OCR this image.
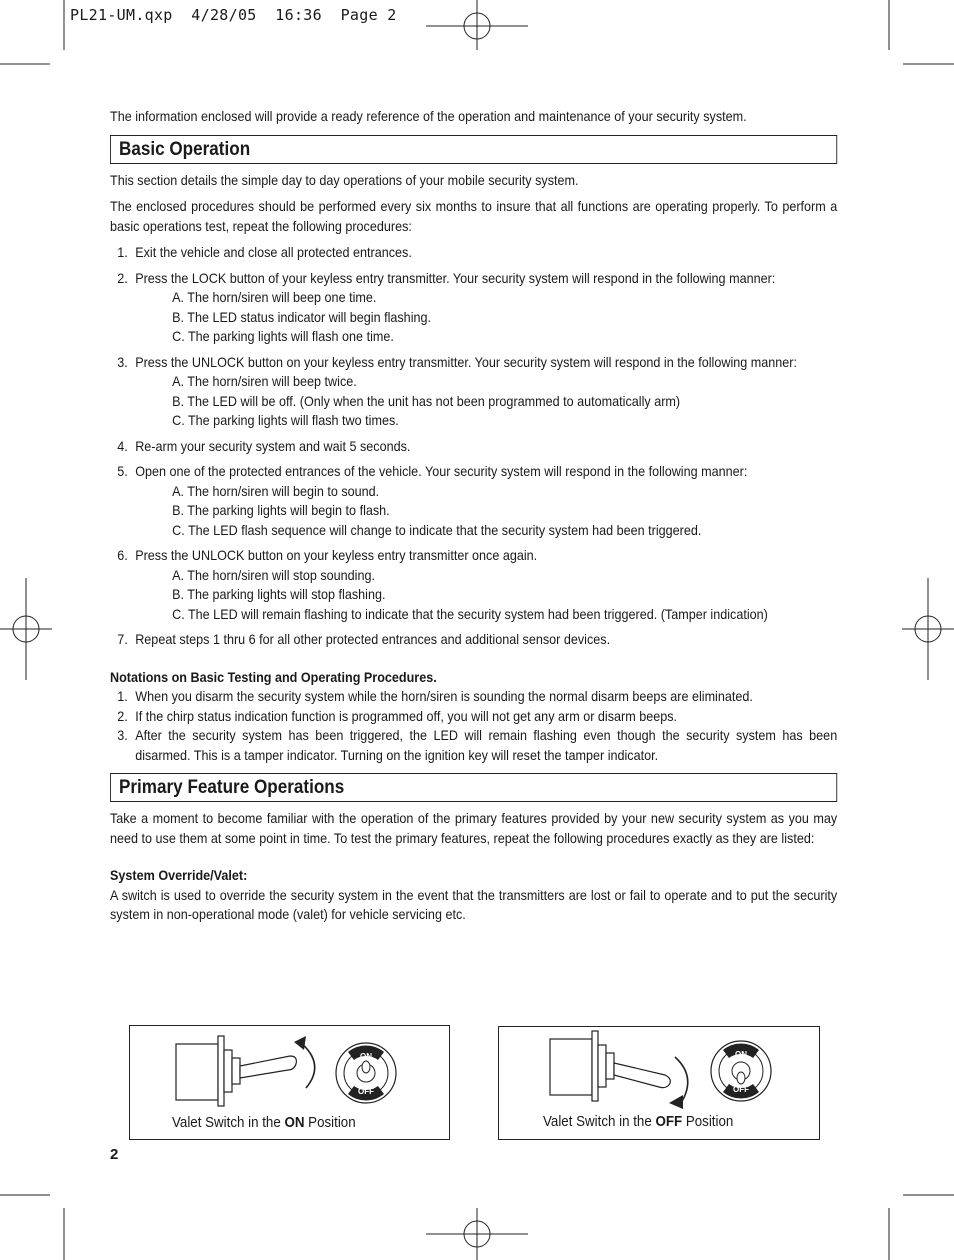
PL21-UM.qxp  4/28/05  16:36  Page 2

The information enclosed will provide a ready reference of the operation and maintenance of your security system.

Basic Operation

This section details the simple day to day operations of your mobile security system.

The enclosed procedures should be performed every six months to insure that all functions are operating properly. To perform a basic operations test, repeat the following procedures:

1. Exit the vehicle and close all protected entrances.
2. Press the LOCK button of your keyless entry transmitter. Your security system will respond in the following manner:
A. The horn/siren will beep one time.
B. The LED status indicator will begin flashing.
C. The parking lights will flash one time.
3. Press the UNLOCK button on your keyless entry transmitter. Your security system will respond in the following manner:
A. The horn/siren will beep twice.
B. The LED will be off. (Only when the unit has not been programmed to automatically arm)
C. The parking lights will flash two times.
4. Re-arm your security system and wait 5 seconds.
5. Open one of the protected entrances of the vehicle. Your security system will respond in the following manner:
A. The horn/siren will begin to sound.
B. The parking lights will begin to flash.
C. The LED flash sequence will change to indicate that the security system had been triggered.
6. Press the UNLOCK button on your keyless entry transmitter once again.
A. The horn/siren will stop sounding.
B. The parking lights will stop flashing.
C. The LED will remain flashing to indicate that the security system had been triggered. (Tamper indication)
7. Repeat steps 1 thru 6 for all other protected entrances and additional sensor devices.
Notations on Basic Testing and Operating Procedures.
1. When you disarm the security system while the horn/siren is sounding the normal disarm beeps are eliminated.
2. If the chirp status indication function is programmed off, you will not get any arm or disarm beeps.
3. After the security system has been triggered, the LED will remain flashing even though the security system has been disarmed. This is a tamper indicator. Turning on the ignition key will reset the tamper indicator.
Primary Feature Operations

Take a moment to become familiar with the operation of the primary features provided by your new security system as you may need to use them at some point in time. To test the primary features, repeat the following procedures exactly as they are listed:

System Override/Valet:

A switch is used to override the security system in the event that the transmitters are lost or fail to operate and to put the security system in non-operational mode (valet) for vehicle servicing etc.

ON
OFF
Valet Switch in the ON Position
ON
OFF
Valet Switch in the OFF Position
2
